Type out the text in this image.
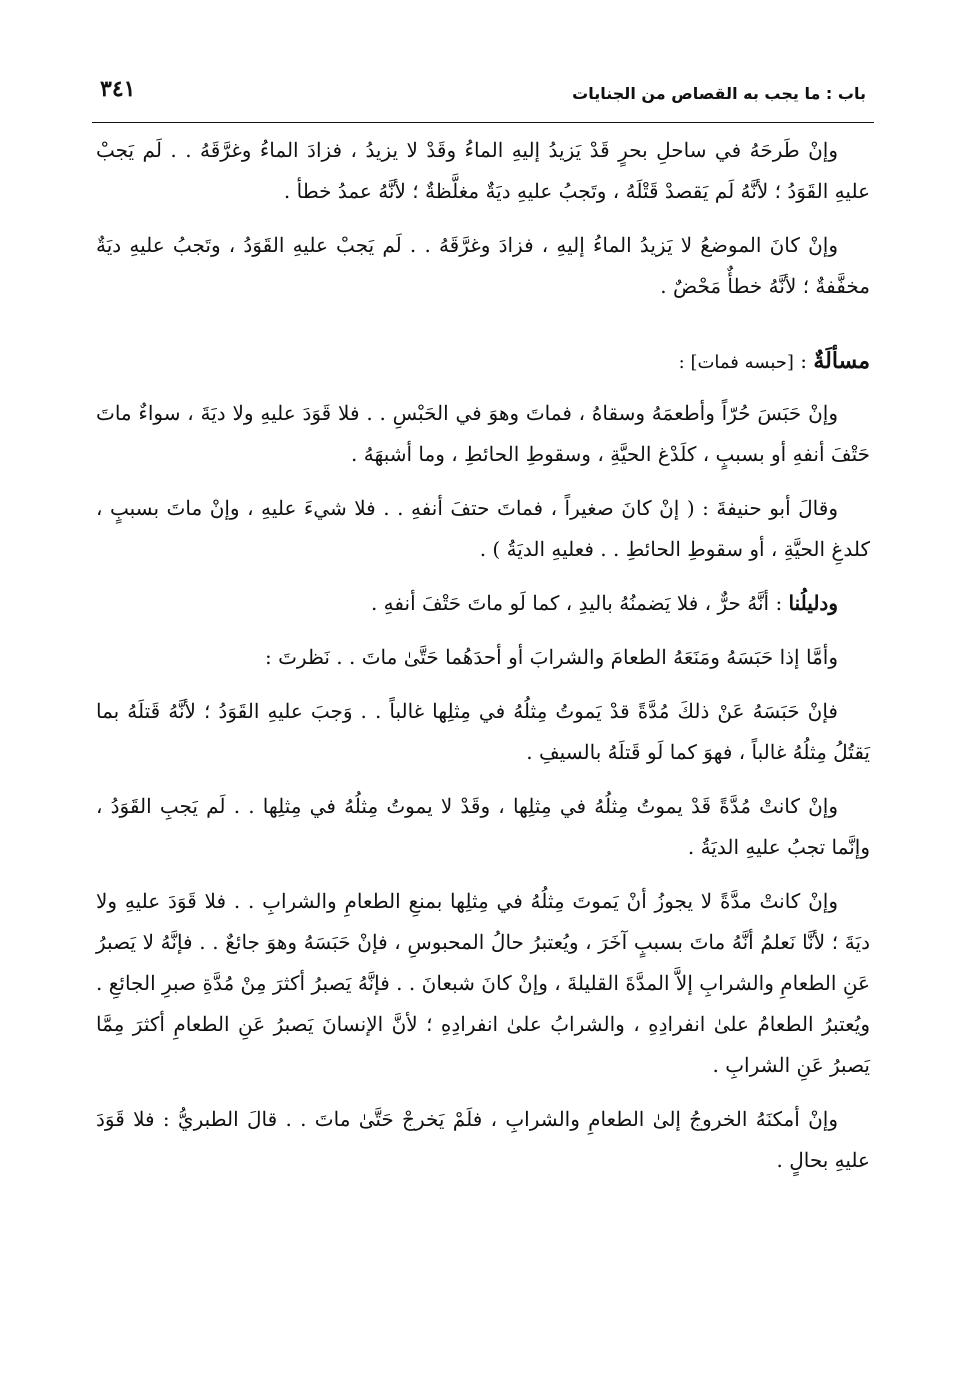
باب : ما يجب به القصاص من الجنايات
٣٤١

وإنْ طَرحَهُ في ساحلِ بحرٍ قَدْ يَزيدُ إليهِ الماءُ وقَدْ لا يزيدُ ، فزادَ الماءُ وغرَّقَهُ . . لَم يَجبْ عليهِ القَوَدُ ؛ لأنَّهُ لَم يَقصدْ قَتْلَهُ ، وتَجبُ عليهِ ديَةٌ مغلَّظةٌ ؛ لأنَّهُ عمدُ خطأ .

وإنْ كانَ الموضعُ لا يَزيدُ الماءُ إليهِ ، فزادَ وغرَّقَهُ . . لَم يَجبْ عليهِ القَوَدُ ، وتَجبُ عليهِ ديَةٌ مخفَّفةٌ ؛ لأنَّهُ خطأٌ مَحْضٌ .

مسألَةٌ : [حبسه فمات] :

وإنْ حَبَسَ حُرّاً وأطعمَهُ وسقاهُ ، فماتَ وهوَ في الحَبْسِ . . فلا قَوَدَ عليهِ ولا ديَةَ ، سواءٌ ماتَ حَتْفَ أنفهِ أو بسببٍ ، كلَدْغ الحيَّةِ ، وسقوطِ الحائطِ ، وما أشبهَهُ .

وقالَ أبو حنيفةَ : ( إنْ كانَ صغيراً ، فماتَ حتفَ أنفهِ . . فلا شيءَ عليهِ ، وإنْ ماتَ بسببٍ ، كلدغِ الحيَّةِ ، أو سقوطِ الحائطِ . . فعليهِ الديَةُ ) .

ودليلُنا : أنَّهُ حرٌّ ، فلا يَضمنُهُ باليدِ ، كما لَو ماتَ حَتْفَ أنفهِ .

وأمَّا إذا حَبَسَهُ ومَنَعَهُ الطعامَ والشرابَ أو أحدَهُما حَتَّىٰ ماتَ . . نَظرتَ :

فإنْ حَبَسَهُ عَنْ ذلكَ مُدَّةً قدْ يَموتُ مِثلُهُ في مِثلِها غالباً . . وَجبَ عليهِ القَوَدُ ؛ لأنَّهُ قَتلَهُ بما يَقتُلُ مِثلُهُ غالباً ، فهوَ كما لَو قَتلَهُ بالسيفِ .

وإنْ كانتْ مُدَّةً قَدْ يموتُ مِثلُهُ في مِثلِها ، وقَدْ لا يموتُ مِثلُهُ في مِثلِها . . لَم يَجبِ القَوَدُ ، وإنَّما تجبُ عليهِ الديَةُ .

وإنْ كانتْ مدَّةً لا يجوزُ أنْ يَموتَ مِثلُهُ في مِثلِها بمنعِ الطعامِ والشرابِ . . فلا قَوَدَ عليهِ ولا ديَةَ ؛ لأنَّا نَعلمُ أنَّهُ ماتَ بسببٍ آخَرَ ، ويُعتبرُ حالُ المحبوسِ ، فإنْ حَبَسَهُ وهوَ جائعٌ . . فإنَّهُ لا يَصبرُ عَنِ الطعامِ والشرابِ إلاَّ المدَّةَ القليلةَ ، وإنْ كانَ شبعانَ . . فإنَّهُ يَصبرُ أكثرَ مِنْ مُدَّةِ صبرِ الجائعِ . ويُعتبرُ الطعامُ علىٰ انفرادِهِ ، والشرابُ علىٰ انفرادِهِ ؛ لأنَّ الإنسانَ يَصبرُ عَنِ الطعامِ أكثرَ مِمَّا يَصبرُ عَنِ الشرابِ .

وإنْ أمكنَهُ الخروجُ إلىٰ الطعامِ والشرابِ ، فلَمْ يَخرجْ حَتَّىٰ ماتَ . . قالَ الطبريُّ : فلا قَوَدَ عليهِ بحالٍ .
